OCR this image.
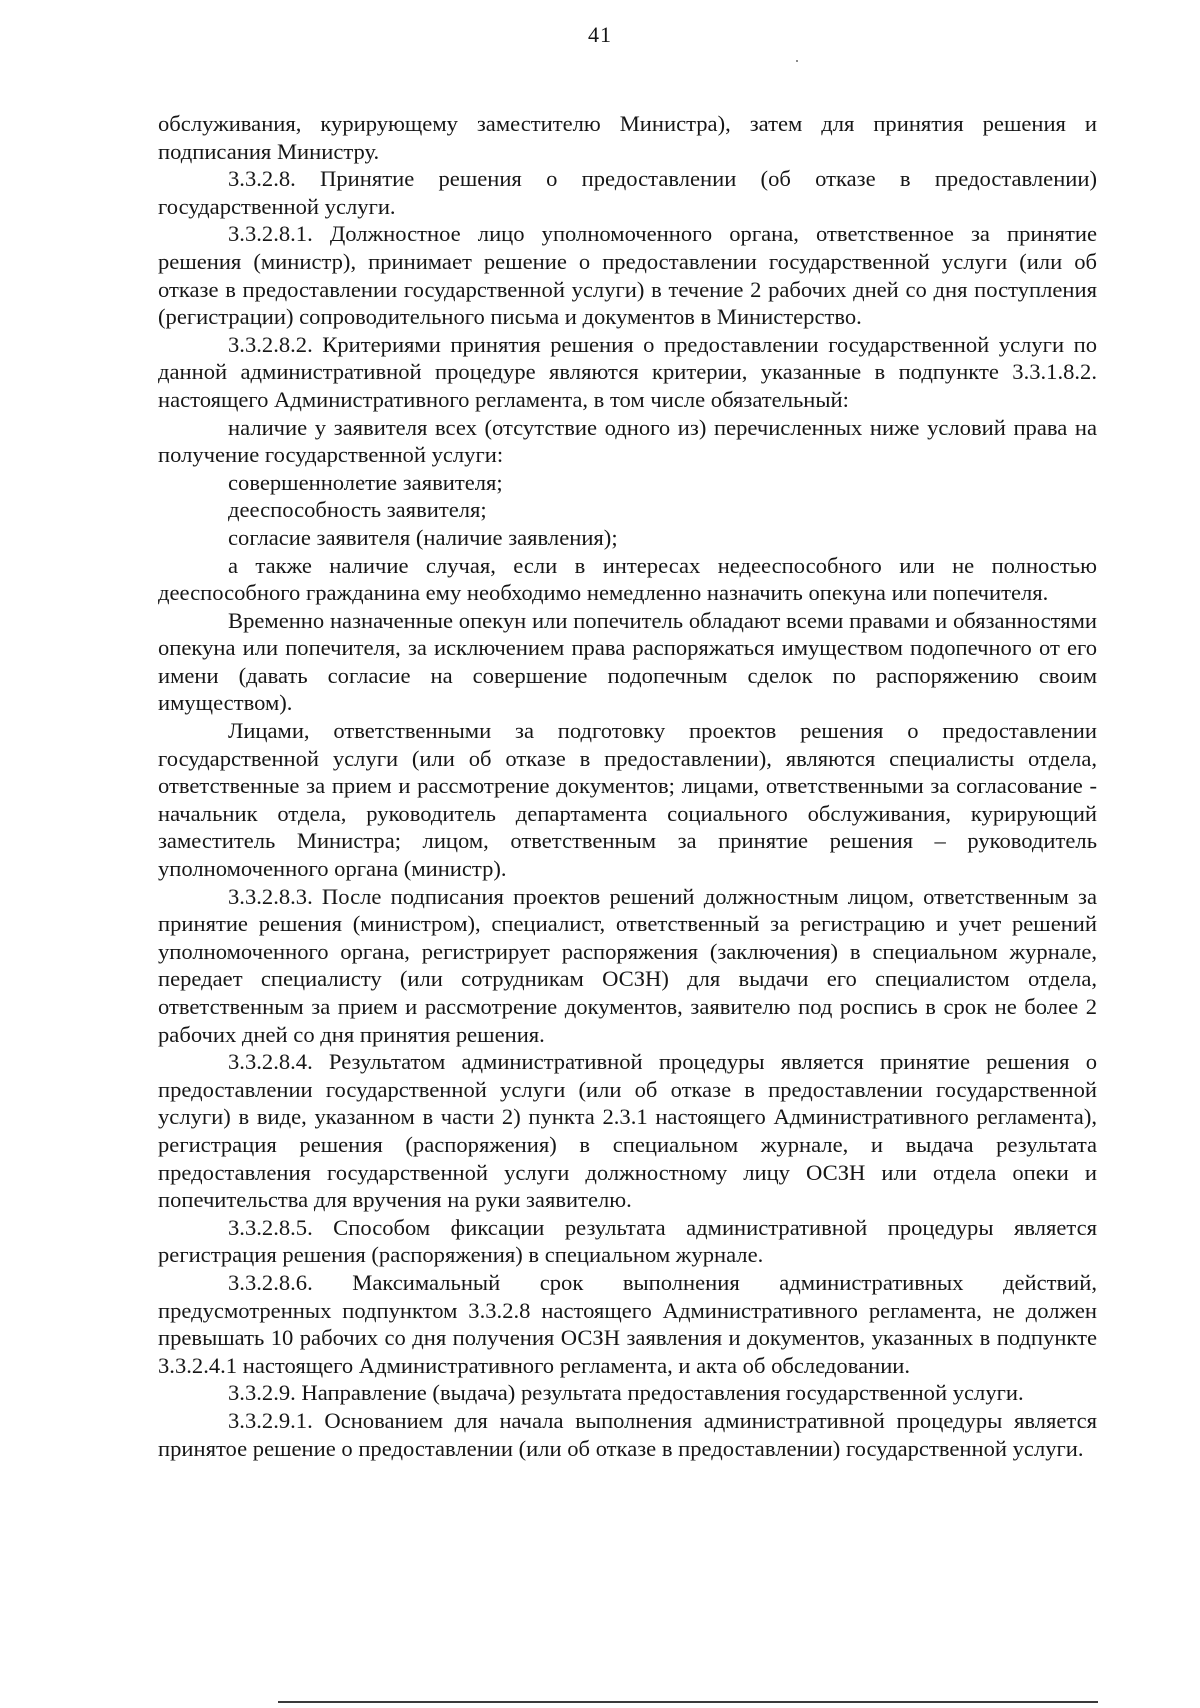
41

обслуживания, курирующему заместителю Министра), затем для принятия решения и подписания Министру.

3.3.2.8. Принятие решения о предоставлении (об отказе в предоставлении) государственной услуги.

3.3.2.8.1. Должностное лицо уполномоченного органа, ответственное за принятие решения (министр), принимает решение о предоставлении государственной услуги (или об отказе в предоставлении государственной услуги) в течение 2 рабочих дней со дня поступления (регистрации) сопроводительного письма и документов в Министерство.

3.3.2.8.2. Критериями принятия решения о предоставлении государственной услуги по данной административной процедуре являются критерии, указанные в подпункте 3.3.1.8.2. настоящего Административного регламента, в том числе обязательный:

наличие у заявителя всех (отсутствие одного из) перечисленных ниже условий права на получение государственной услуги:

совершеннолетие заявителя;

дееспособность заявителя;

согласие заявителя (наличие заявления);

а также наличие случая, если в интересах недееспособного или не полностью дееспособного гражданина ему необходимо немедленно назначить опекуна или попечителя.

Временно назначенные опекун или попечитель обладают всеми правами и обязанностями опекуна или попечителя, за исключением права распоряжаться имуществом подопечного от его имени (давать согласие на совершение подопечным сделок по распоряжению своим имуществом).

Лицами, ответственными за подготовку проектов решения о предоставлении государственной услуги (или об отказе в предоставлении), являются специалисты отдела, ответственные за прием и рассмотрение документов; лицами, ответственными за согласование - начальник отдела, руководитель департамента социального обслуживания, курирующий заместитель Министра; лицом, ответственным за принятие решения – руководитель уполномоченного органа (министр).

3.3.2.8.3. После подписания проектов решений должностным лицом, ответственным за принятие решения (министром), специалист, ответственный за регистрацию и учет решений уполномоченного органа, регистрирует распоряжения (заключения) в специальном журнале, передает специалисту (или сотрудникам ОСЗН) для выдачи его специалистом отдела, ответственным за прием и рассмотрение документов, заявителю под роспись в срок не более 2 рабочих дней со дня принятия решения.

3.3.2.8.4. Результатом административной процедуры является принятие решения о предоставлении государственной услуги (или об отказе в предоставлении государственной услуги) в виде, указанном в части 2) пункта 2.3.1 настоящего Административного регламента), регистрация решения (распоряжения) в специальном журнале, и выдача результата предоставления государственной услуги должностному лицу ОСЗН или отдела опеки и попечительства для вручения на руки заявителю.

3.3.2.8.5. Способом фиксации результата административной процедуры является регистрация решения (распоряжения) в специальном журнале.

3.3.2.8.6. Максимальный срок выполнения административных действий, предусмотренных подпунктом 3.3.2.8 настоящего Административного регламента, не должен превышать 10 рабочих со дня получения ОСЗН заявления и документов, указанных в подпункте 3.3.2.4.1 настоящего Административного регламента, и акта об обследовании.

3.3.2.9. Направление (выдача) результата предоставления государственной услуги.

3.3.2.9.1. Основанием для начала выполнения административной процедуры является принятое решение о предоставлении (или об отказе в предоставлении) государственной услуги.
